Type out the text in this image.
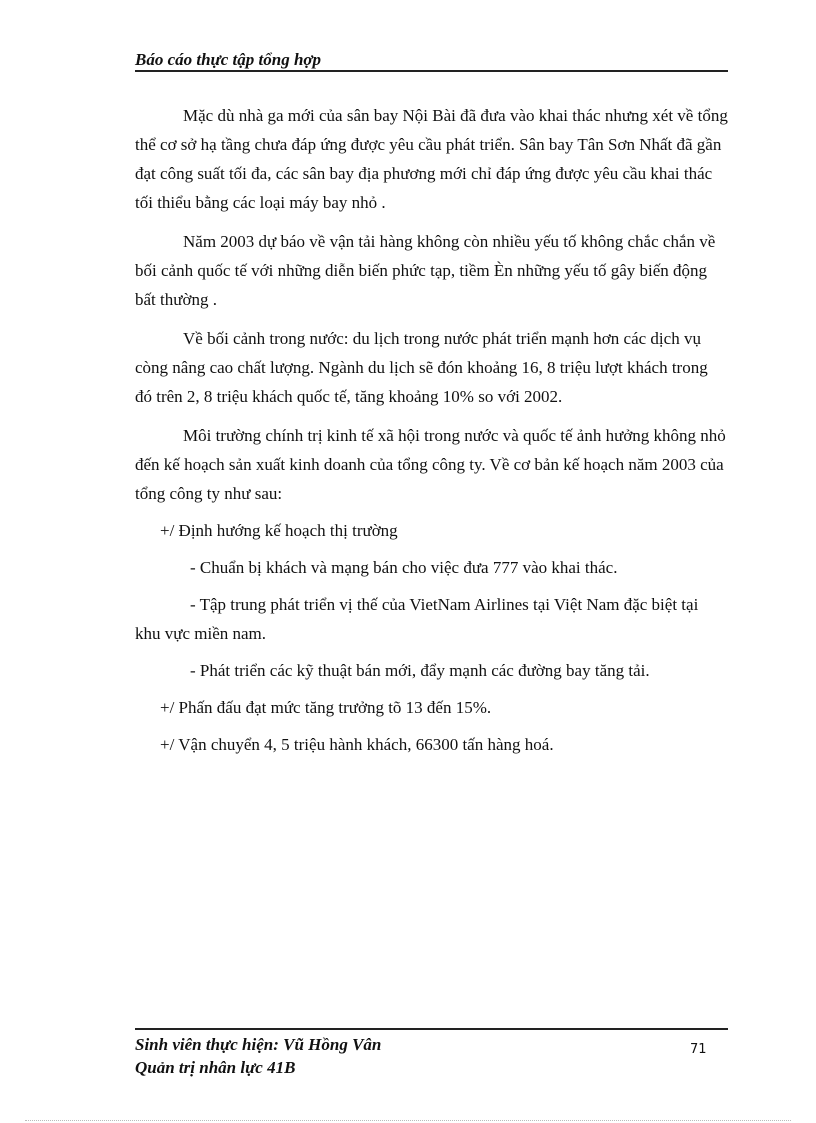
Báo cáo thực tập tổng hợp

Mặc dù nhà ga mới của sân bay Nội Bài đã đưa vào khai thác nhưng xét về tổng thể cơ sở hạ tầng chưa đáp ứng được yêu cầu phát triển. Sân bay Tân Sơn Nhất đã gần đạt công suất tối đa, các sân bay địa phương mới chỉ đáp ứng được yêu cầu khai thác tối thiểu bằng các loại máy bay nhỏ .

Năm 2003 dự báo về vận tải hàng không còn nhiều yếu tố không chắc chắn về bối cảnh quốc tế với những diễn biến phức tạp, tiềm Èn những yếu tố gây biến động bất thường .

Về bối cảnh trong nước: du lịch trong nước phát triển mạnh hơn các dịch vụ còng nâng cao chất lượng. Ngành du lịch sẽ đón khoảng 16, 8 triệu lượt khách trong đó trên 2, 8 triệu khách quốc tế, tăng khoảng 10% so với 2002.

Môi trường chính trị kinh tế xã hội trong nước và quốc tế ảnh hưởng không nhỏ đến kế hoạch sản xuất kinh doanh của tổng công ty. Về cơ bản kế hoạch năm 2003 của tổng công ty như sau:

+/ Định hướng kế hoạch thị trường

- Chuẩn bị khách và mạng bán cho việc đưa 777 vào khai thác.

- Tập trung phát triển vị thế của VietNam Airlines tại Việt Nam đặc biệt tại khu vực miền nam.

- Phát triển các kỹ thuật bán mới, đẩy mạnh các đường bay tăng tải.

+/ Phấn đấu đạt mức tăng trưởng tõ 13 đến 15%.

+/ Vận chuyển 4, 5 triệu hành khách, 66300 tấn hàng hoá.

Sinh viên thực hiện: Vũ Hồng Vân
Quản trị nhân lực 41B
71
